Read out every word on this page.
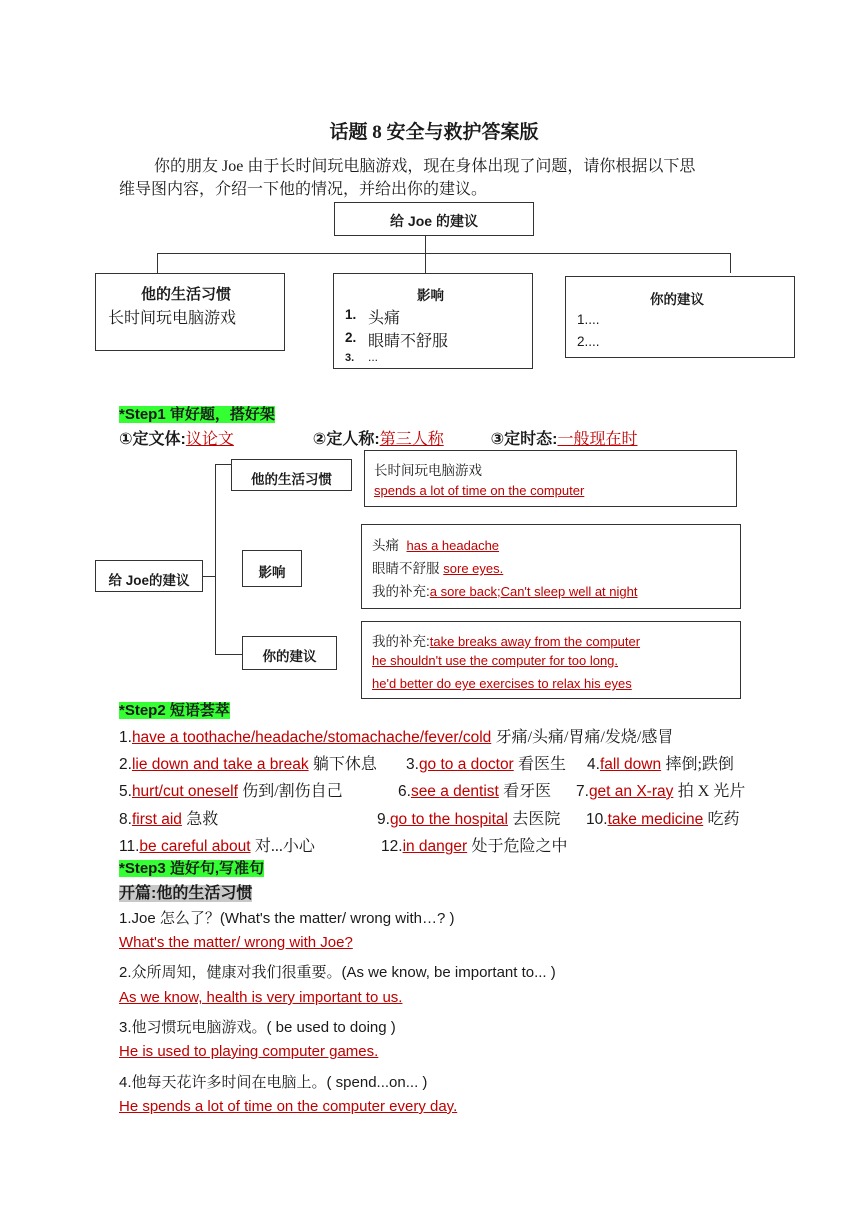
话题 8 安全与救护答案版
你的朋友 Joe 由于长时间玩电脑游戏，现在身体出现了问题，请你根据以下思
维导图内容，介绍一下他的情况，并给出你的建议。
给 Joe 的建议
他的生活习惯
长时间玩电脑游戏
影响
1. 头痛
2. 眼睛不舒服
3. ...
你的建议
1....
2....
*Step1 审好题，搭好架
①定文体:议论文	②定人称:第三人称	③定时态:一般现在时
给 Joe的建议
他的生活习惯
长时间玩电脑游戏
spends a lot of time on the computer
影响
头痛 has a headache
眼睛不舒服 sore eyes.
我的补充:a sore back;Can't sleep well at night
你的建议
我的补充:take breaks away from the computer
he shouldn't use the computer for too long.
he'd better do eye exercises to relax his eyes
*Step2 短语荟萃
1.have a toothache/headache/stomachache/fever/cold 牙痛/头痛/胃痛/发烧/感冒
2.lie down and take a break 躺下休息 3.go to a doctor 看医生 4.fall down 摔倒;跌倒
5.hurt/cut oneself 伤到/割伤自己	6.see a dentist 看牙医 7.get an X-ray 拍 X 光片
8.first aid 急救	9.go to the hospital 去医院 10.take medicine 吃药
11.be careful about 对...小心	12.in danger 处于危险之中
*Step3 造好句,写准句
开篇:他的生活习惯
1.Joe 怎么了？(What's the matter/ wrong with…? )
What's the matter/ wrong with Joe?
2.众所周知，健康对我们很重要。(As we know, be important to... )
As we know, health is very important to us.
3.他习惯玩电脑游戏。( be used to doing )
He is used to playing computer games.
4.他每天花许多时间在电脑上。( spend...on... )
He spends a lot of time on the computer every day.
